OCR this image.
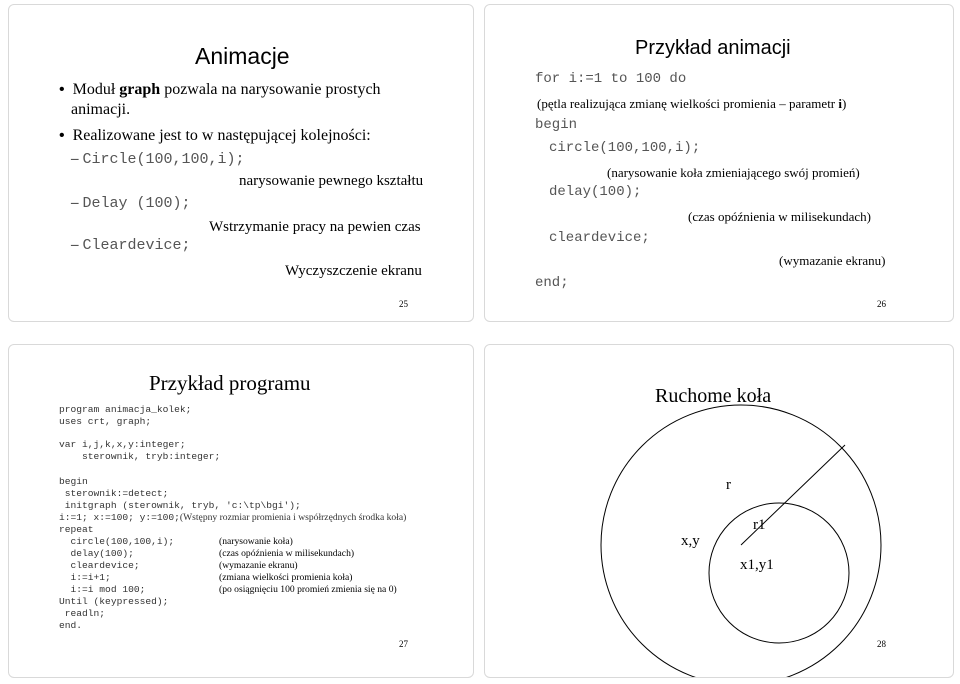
Animacje
• Moduł graph pozwala na narysowanie prostych
animacji.
• Realizowane jest to w następującej kolejności:
– Circle(100,100,i);
narysowanie pewnego kształtu
– Delay (100);
Wstrzymanie pracy na pewien czas
– Cleardevice;
Wyczyszczenie ekranu
25
Przykład animacji
for i:=1 to 100 do
(pętla realizująca zmianę wielkości promienia – parametr i)
begin
circle(100,100,i);
(narysowanie koła zmieniającego swój promień)
delay(100);
(czas opóźnienia w milisekundach)
cleardevice;
(wymazanie ekranu)
end;
26
Przykład programu
program animacja_kolek;
uses crt, graph;
var i,j,k,x,y:integer;
sterownik, tryb:integer;
begin
sterownik:=detect;
initgraph (sterownik, tryb, 'c:\tp\bgi');
i:=1; x:=100; y:=100;(Wstępny rozmiar promienia i współrzędnych środka koła)
repeat
circle(100,100,i);
delay(100);
cleardevice;
i:=i+1;
i:=i mod 100;
Until (keypressed);
readln;
end.
(narysowanie koła)
(czas opóźnienia w milisekundach)
(wymazanie ekranu)
(zmiana wielkości promienia koła)
(po osiągnięciu 100 promień zmienia się na 0)
27
Ruchome koła
x,y
r
r1
x1,y1
28
